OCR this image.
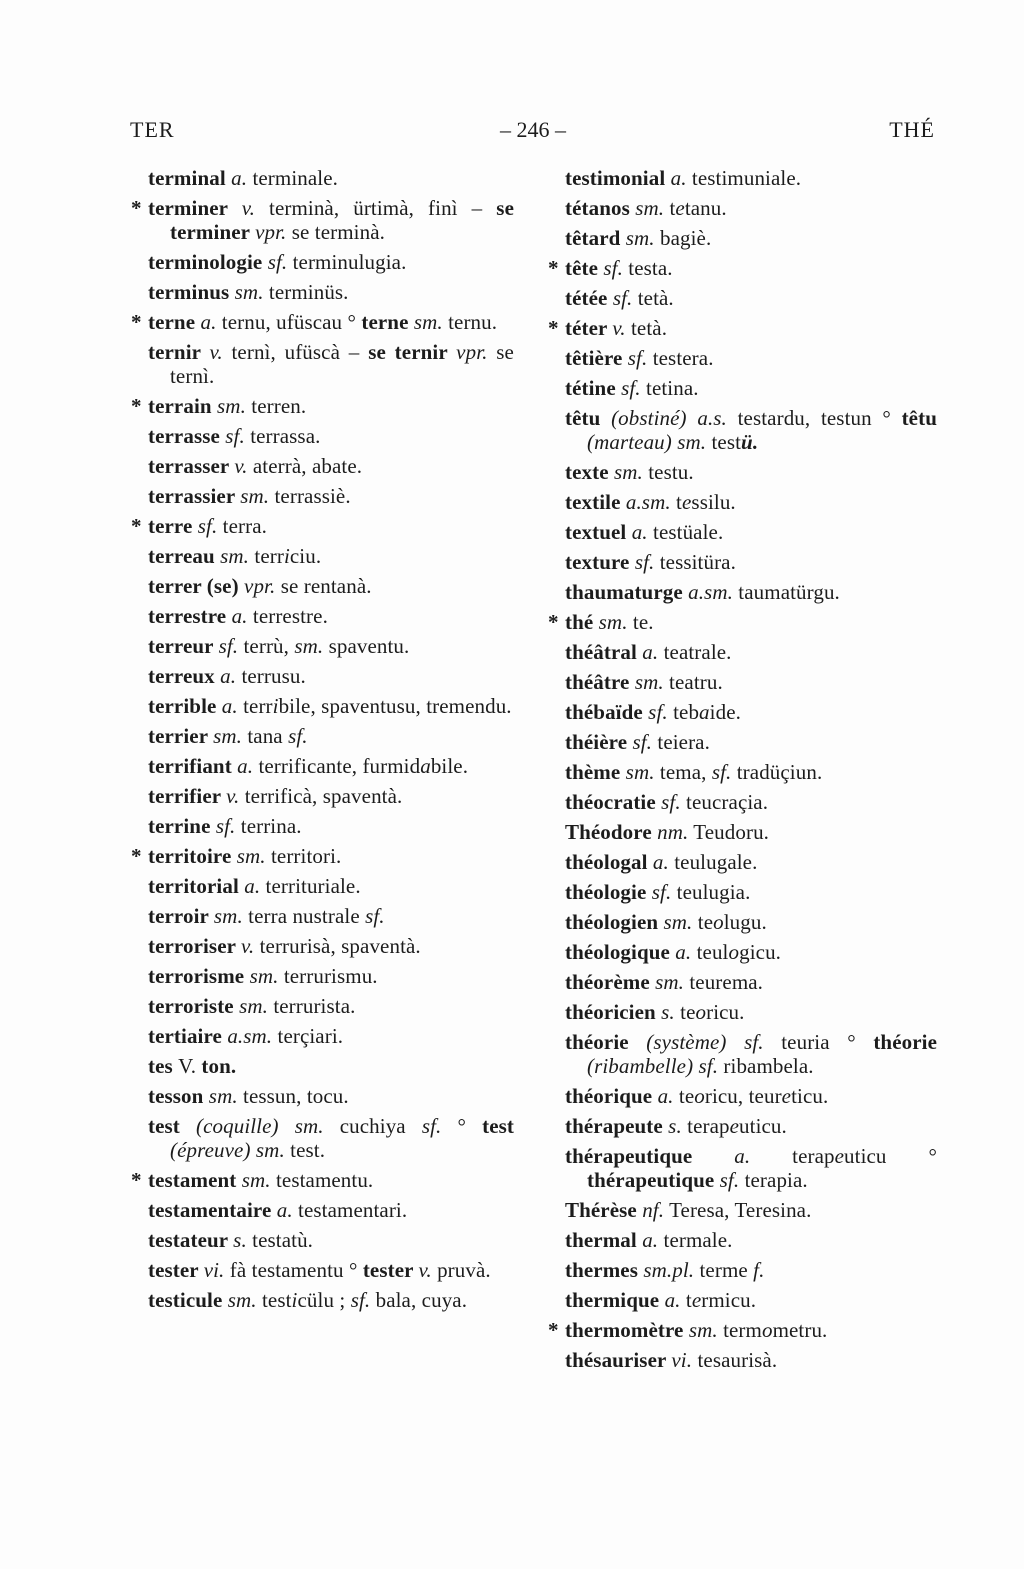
TER	– 246 –	THÉ

terminal a. terminale.

* terminer v. terminà, ürtimà, finì – se terminer vpr. se terminà.

terminologie sf. terminulugia.

terminus sm. terminüs.

* terne a. ternu, ufüscau ° terne sm. ternu.

ternir v. ternì, ufüscà – se ternir vpr. se ternì.

* terrain sm. terren.

terrasse sf. terrassa.

terrasser v. aterrà, abate.

terrassier sm. terrassiè.

* terre sf. terra.

terreau sm. terriciu.

terrer (se) vpr. se rentanà.

terrestre a. terrestre.

terreur sf. terrù, sm. spaventu.

terreux a. terrusu.

terrible a. terribile, spaventusu, tremendu.

terrier sm. tana sf.

terrifiant a. terrificante, furmidabile.

terrifier v. terrificà, spaventà.

terrine sf. terrina.

* territoire sm. territori.

territorial a. territuriale.

terroir sm. terra nustrale sf.

terroriser v. terrurisà, spaventà.

terrorisme sm. terrurismu.

terroriste sm. terrurista.

tertiaire a.sm. terçiari.

tes V. ton.

tesson sm. tessun, tocu.

test (coquille) sm. cuchiya sf. ° test (épreuve) sm. test.

* testament sm. testamentu.

testamentaire a. testamentari.

testateur s. testatù.

tester vi. fà testamentu ° tester v. pruvà.

testicule sm. testicülu ; sf. bala, cuya.

testimonial a. testimuniale.

tétanos sm. tetanu.

têtard sm. bagiè.

* tête sf. testa.

tétée sf. tetà.

* téter v. tetà.

têtière sf. testera.

tétine sf. tetina.

têtu (obstiné) a.s. testardu, testun ° têtu (marteau) sm. testü.

texte sm. testu.

textile a.sm. tessilu.

textuel a. testüale.

texture sf. tessitüra.

thaumaturge a.sm. taumatürgu.

* thé sm. te.

théâtral a. teatrale.

théâtre sm. teatru.

thébaïde sf. tebaide.

théière sf. teiera.

thème sm. tema, sf. tradüçiun.

théocratie sf. teucraçia.

Théodore nm. Teudoru.

théologal a. teulugale.

théologie sf. teulugia.

théologien sm. teolugu.

théologique a. teulogicu.

théorème sm. teurema.

théoricien s. teoricu.

théorie (système) sf. teuria ° théorie (ribambelle) sf. ribambela.

théorique a. teoricu, teureticu.

thérapeute s. terapeuticu.

thérapeutique a. terapeuticu ° thérapeutique sf. terapia.

Thérèse nf. Teresa, Teresina.

thermal a. termale.

thermes sm.pl. terme f.

thermique a. termicu.

* thermomètre sm. termometru.

thésauriser vi. tesaurisà.
